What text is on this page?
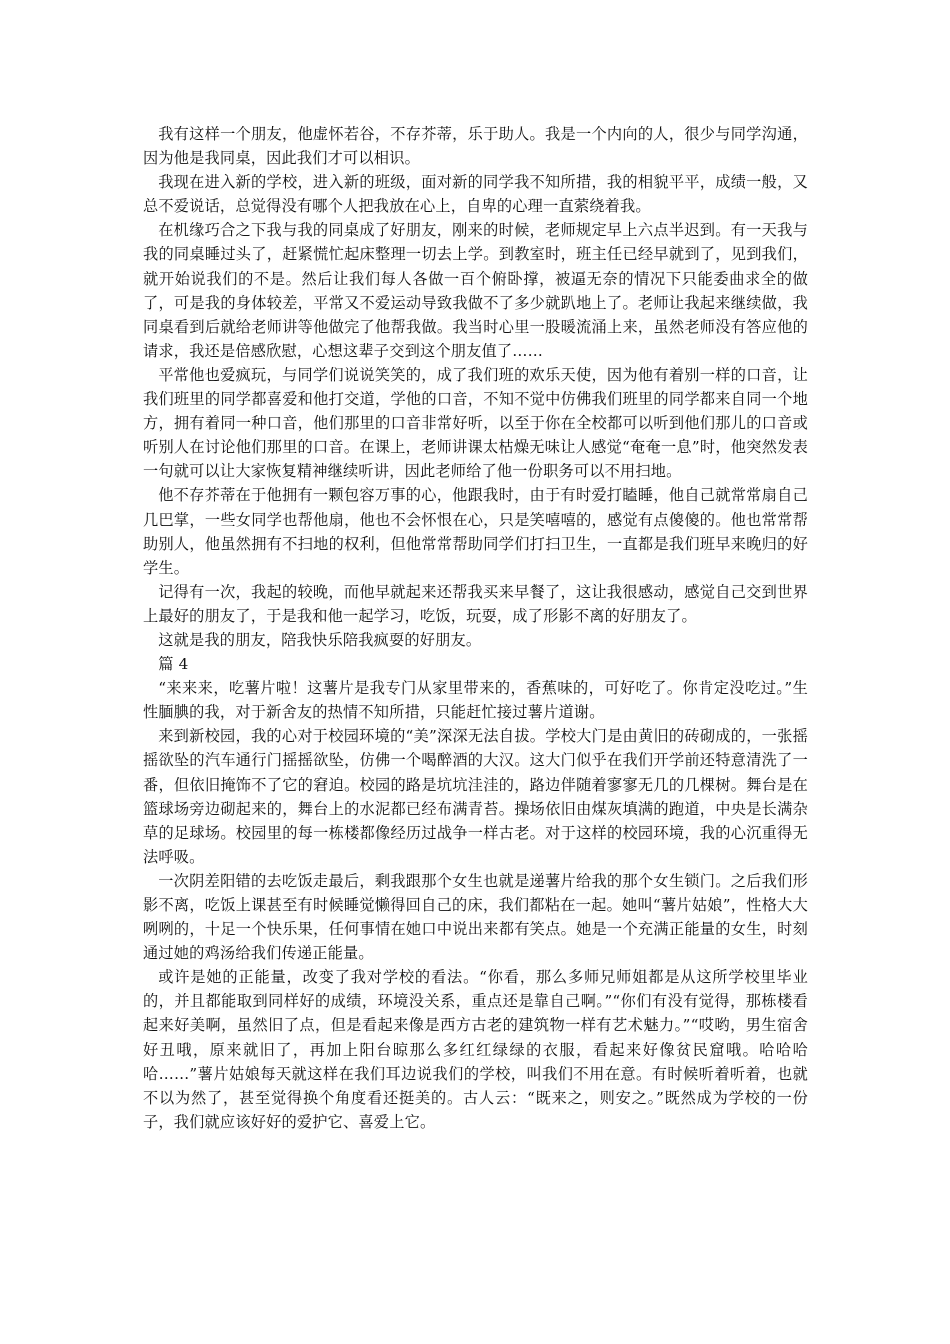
我有这样一个朋友，他虚怀若谷，不存芥蒂，乐于助人。我是一个内向的人，很少与同学沟通，因为他是我同桌，因此我们才可以相识。

我现在进入新的学校，进入新的班级，面对新的同学我不知所措，我的相貌平平，成绩一般，又总不爱说话，总觉得没有哪个人把我放在心上，自卑的心理一直萦绕着我。

在机缘巧合之下我与我的同桌成了好朋友，刚来的时候，老师规定早上六点半迟到。有一天我与我的同桌睡过头了，赶紧慌忙起床整理一切去上学。到教室时，班主任已经早就到了，见到我们，就开始说我们的不是。然后让我们每人各做一百个俯卧撑，被逼无奈的情况下只能委曲求全的做了，可是我的身体较差，平常又不爱运动导致我做不了多少就趴地上了。老师让我起来继续做，我同桌看到后就给老师讲等他做完了他帮我做。我当时心里一股暖流涌上来，虽然老师没有答应他的请求，我还是倍感欣慰，心想这辈子交到这个朋友值了……

平常他也爱疯玩，与同学们说说笑笑的，成了我们班的欢乐天使，因为他有着别一样的口音，让我们班里的同学都喜爱和他打交道，学他的口音，不知不觉中仿佛我们班里的同学都来自同一个地方，拥有着同一种口音，他们那里的口音非常好听，以至于你在全校都可以听到他们那儿的口音或听别人在讨论他们那里的口音。在课上，老师讲课太枯燥无味让人感觉“奄奄一息”时，他突然发表一句就可以让大家恢复精神继续听讲，因此老师给了他一份职务可以不用扫地。

他不存芥蒂在于他拥有一颗包容万事的心，他跟我时，由于有时爱打瞌睡，他自己就常常扇自己几巴掌，一些女同学也帮他扇，他也不会怀恨在心，只是笑嘻嘻的，感觉有点傻傻的。他也常常帮助别人，他虽然拥有不扫地的权利，但他常常帮助同学们打扫卫生，一直都是我们班早来晚归的好学生。

记得有一次，我起的较晚，而他早就起来还帮我买来早餐了，这让我很感动，感觉自己交到世界上最好的朋友了，于是我和他一起学习，吃饭，玩耍，成了形影不离的好朋友了。

这就是我的朋友，陪我快乐陪我疯耍的好朋友。

篇 4

“来来来，吃薯片啦！这薯片是我专门从家里带来的，香蕉味的，可好吃了。你肯定没吃过。”生性腼腆的我，对于新舍友的热情不知所措，只能赶忙接过薯片道谢。

来到新校园，我的心对于校园环境的“美”深深无法自拔。学校大门是由黄旧的砖砌成的，一张摇摇欲坠的汽车通行门摇摇欲坠，仿佛一个喝醉酒的大汉。这大门似乎在我们开学前还特意清洗了一番，但依旧掩饰不了它的窘迫。校园的路是坑坑洼洼的，路边伴随着寥寥无几的几棵树。舞台是在篮球场旁边砌起来的，舞台上的水泥都已经布满青苔。操场依旧由煤灰填满的跑道，中央是长满杂草的足球场。校园里的每一栋楼都像经历过战争一样古老。对于这样的校园环境，我的心沉重得无法呼吸。

一次阴差阳错的去吃饭走最后，剩我跟那个女生也就是递薯片给我的那个女生锁门。之后我们形影不离，吃饭上课甚至有时候睡觉懒得回自己的床，我们都粘在一起。她叫“薯片姑娘”，性格大大咧咧的，十足一个快乐果，任何事情在她口中说出来都有笑点。她是一个充满正能量的女生，时刻通过她的鸡汤给我们传递正能量。

或许是她的正能量，改变了我对学校的看法。“你看，那么多师兄师姐都是从这所学校里毕业的，并且都能取到同样好的成绩，环境没关系，重点还是靠自己啊。”“你们有没有觉得，那栋楼看起来好美啊，虽然旧了点，但是看起来像是西方古老的建筑物一样有艺术魅力。”“哎哟，男生宿舍好丑哦，原来就旧了，再加上阳台晾那么多红红绿绿的衣服，看起来好像贫民窟哦。哈哈哈哈……”薯片姑娘每天就这样在我们耳边说我们的学校，叫我们不用在意。有时候听着听着，也就不以为然了，甚至觉得换个角度看还挺美的。古人云：“既来之，则安之。”既然成为学校的一份子，我们就应该好好的爱护它、喜爱上它。
